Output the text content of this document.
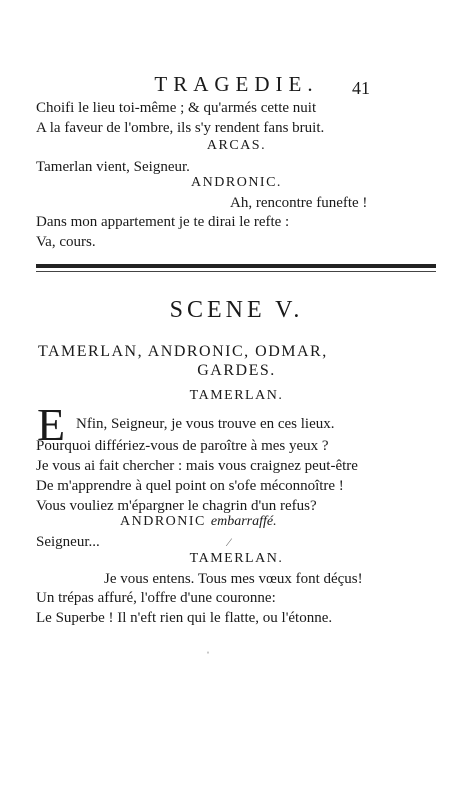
TRAGEDIE.	41
Choifi le lieu toi-même ; & qu'armés cette nuit
A la faveur de l'ombre, ils s'y rendent fans bruit.
ARCAS.
Tamerlan vient, Seigneur.
ANDRONIC.
Ah, rencontre funefte !
Dans mon appartement je te dirai le refte :
Va, cours.
SCENE V.
TAMERLAN, ANDRONIC, ODMAR,
GARDES.
TAMERLAN.
E Nfin, Seigneur, je vous trouve en ces lieux.
Pourquoi différiez-vous de paroître à mes yeux ?
Je vous ai fait chercher : mais vous craignez peut-être
De m'apprendre à quel point on s'ofe méconnoître !
Vous vouliez m'épargner le chagrin d'un refus?
ANDRONIC embarraffé.
Seigneur...	⁄
TAMERLAN.
Je vous entens. Tous mes vœux font déçus!
Un trépas affuré, l'offre d'une couronne:
Le Superbe ! Il n'eft rien qui le flatte, ou l'étonne.
ˌ
